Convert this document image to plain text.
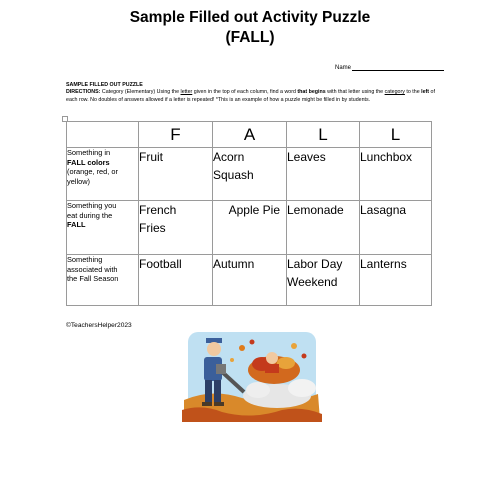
Sample Filled out Activity Puzzle
(FALL)
Name
SAMPLE FILLED OUT PUZZLE
DIRECTIONS: Category (Elementary) Using the letter given in the top of each column, find a word that begins with that letter using the category to the left of each row. No doubles of answers allowed if a letter is repeated! *This is an example of how a puzzle might be filled in by students.
	F	A	L	L
Something in
FALL colors
(orange, red, or
yellow)	Fruit	Acorn
Squash	Leaves	Lunchbox
Something you
eat during the
FALL	French
Fries	Apple Pie	Lemonade	Lasagna
Something
associated with
the Fall Season	Football	Autumn	Labor Day
Weekend	Lanterns
©TeachersHelper2023
